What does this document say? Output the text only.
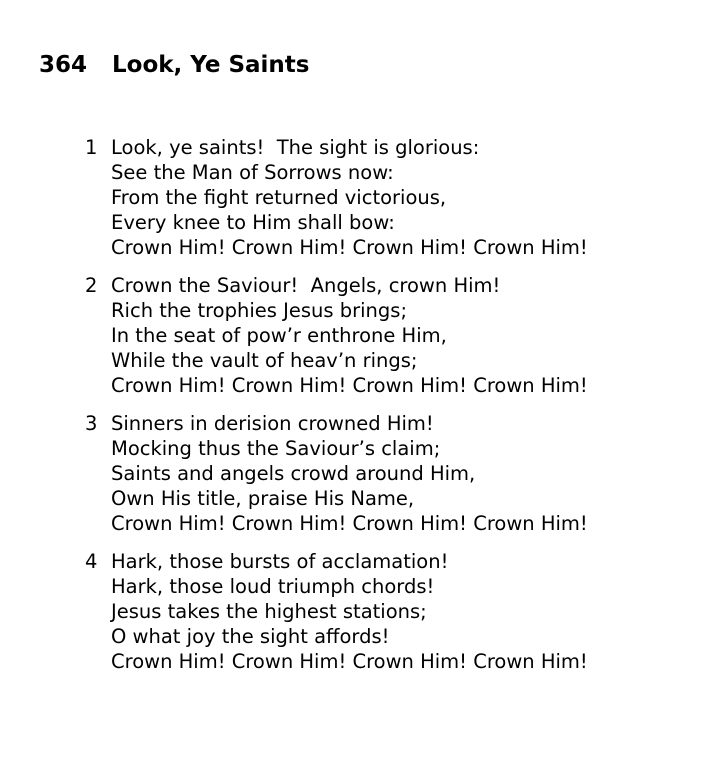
364 Look, Ye Saints
1 Look, ye saints!  The sight is glorious:
See the Man of Sorrows now:
From the fight returned victorious,
Every knee to Him shall bow:
Crown Him! Crown Him! Crown Him! Crown Him!
2 Crown the Saviour!  Angels, crown Him!
Rich the trophies Jesus brings;
In the seat of pow’r enthrone Him,
While the vault of heav’n rings;
Crown Him! Crown Him! Crown Him! Crown Him!
3 Sinners in derision crowned Him!
Mocking thus the Saviour’s claim;
Saints and angels crowd around Him,
Own His title, praise His Name,
Crown Him! Crown Him! Crown Him! Crown Him!
4 Hark, those bursts of acclamation!
Hark, those loud triumph chords!
Jesus takes the highest stations;
O what joy the sight affords!
Crown Him! Crown Him! Crown Him! Crown Him!
